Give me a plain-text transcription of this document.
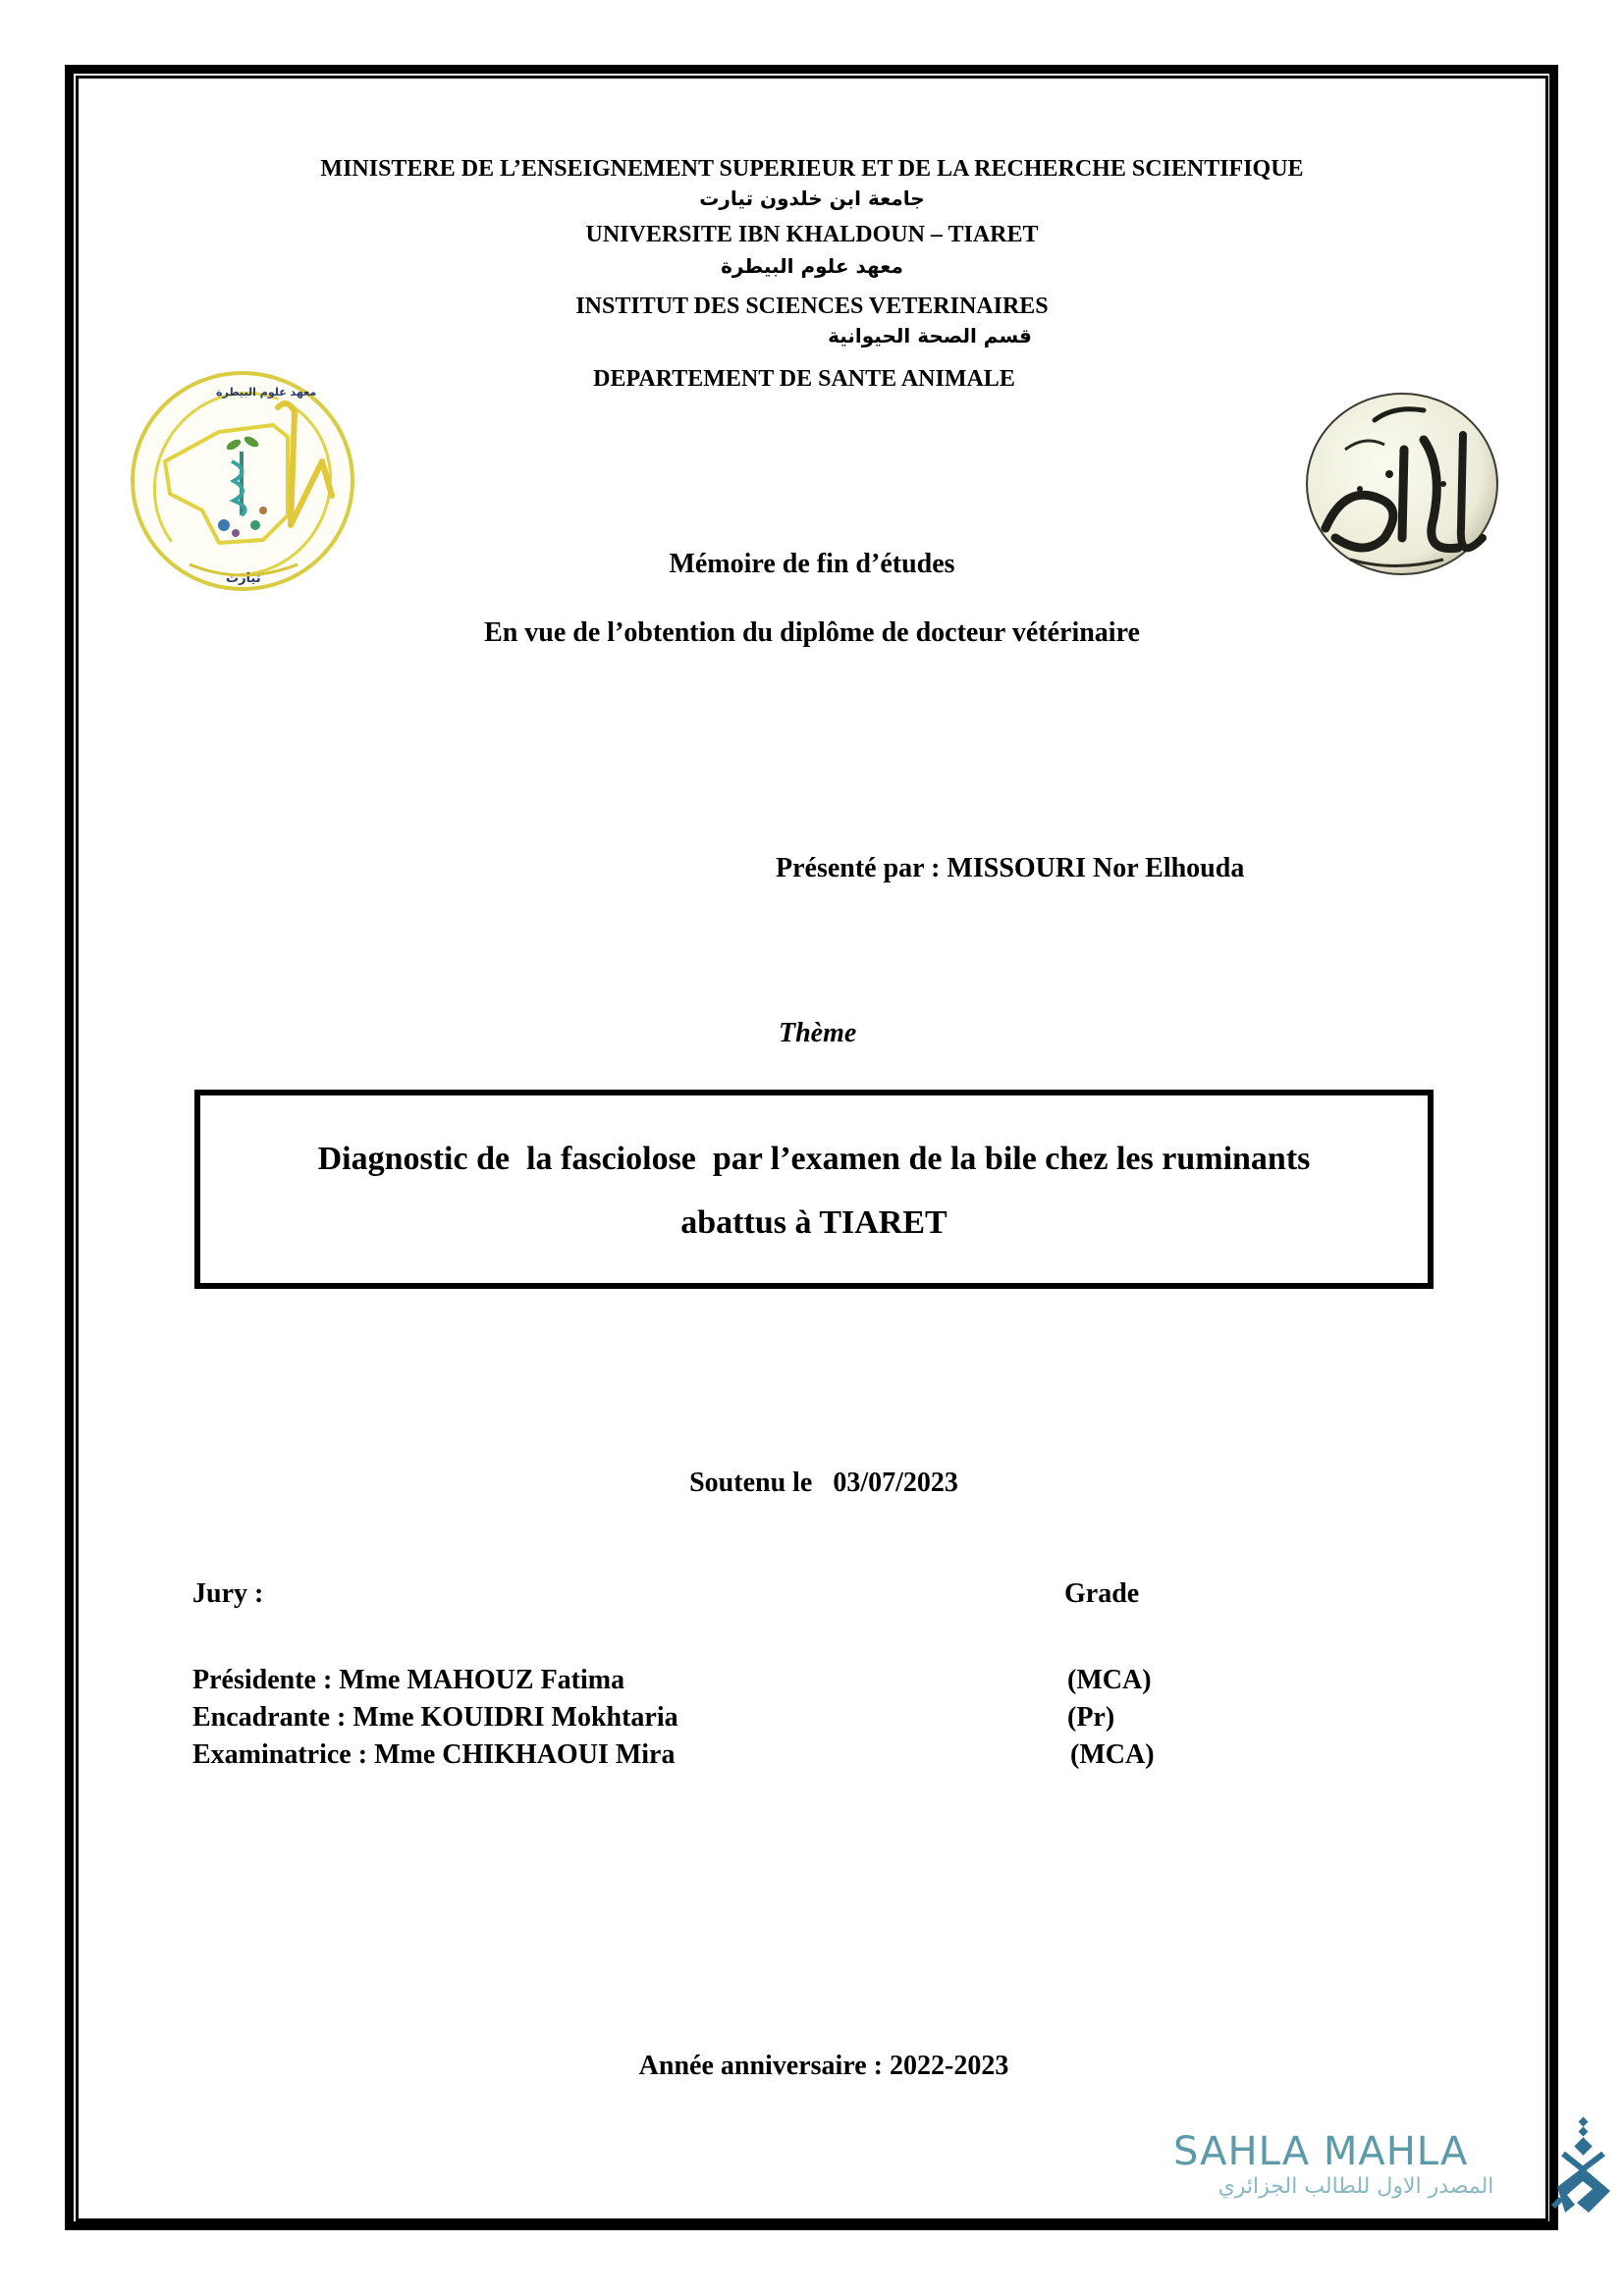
MINISTERE DE L’ENSEIGNEMENT SUPERIEUR ET DE LA RECHERCHE SCIENTIFIQUE
جامعة ابن خلدون تيارت
UNIVERSITE IBN KHALDOUN – TIARET
معهد علوم البيطرة
INSTITUT DES SCIENCES VETERINAIRES
قسم الصحة الحيوانية
DEPARTEMENT DE SANTE ANIMALE
معهد علوم البيطرة
تيارت	Mémoire de fin d’études
En vue de l’obtention du diplôme de docteur vétérinaire
Présenté par : MISSOURI Nor Elhouda
Thème
Diagnostic de  la fasciolose  par l’examen de la bile chez les ruminants
abattus à TIARET
Soutenu le   03/07/2023
Jury :	Grade
Présidente : Mme MAHOUZ Fatima	(MCA)
Encadrante : Mme KOUIDRI Mokhtaria	(Pr)
Examinatrice : Mme CHIKHAOUI Mira	(MCA)
Année anniversaire : 2022-2023
SAHLA MAHLA
المصدر الاول للطالب الجزائري
